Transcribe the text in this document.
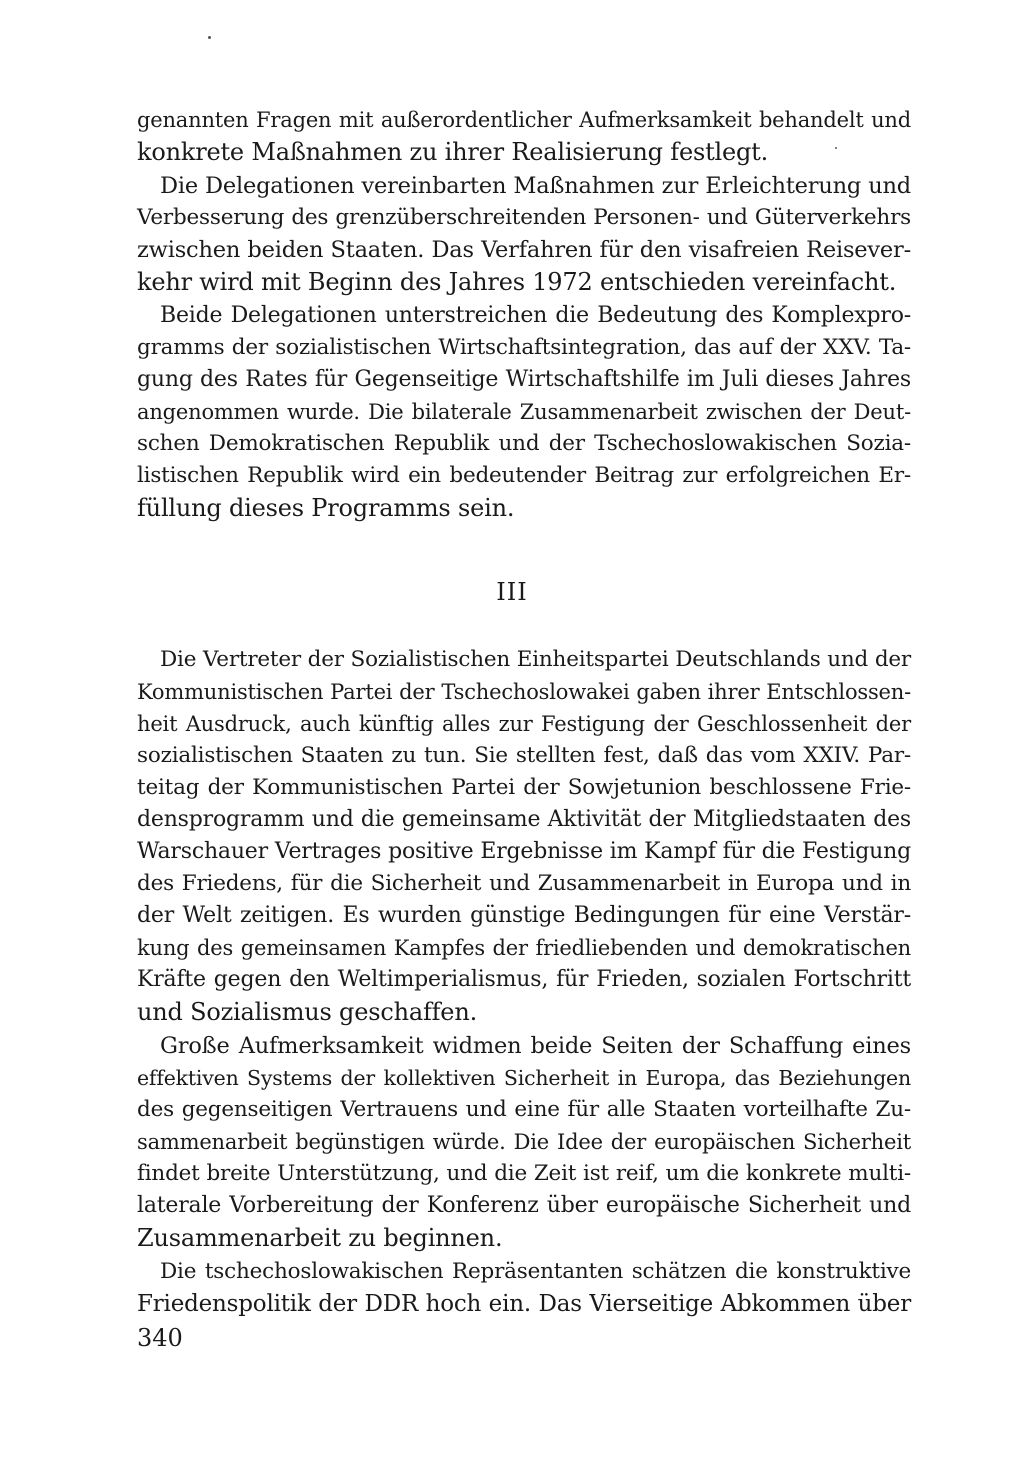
genannten Fragen mit außerordentlicher Aufmerksamkeit behandelt und
konkrete Maßnahmen zu ihrer Realisierung festlegt.
Die Delegationen vereinbarten Maßnahmen zur Erleichterung und
Verbesserung des grenzüberschreitenden Personen- und Güterverkehrs
zwischen beiden Staaten. Das Verfahren für den visafreien Reisever-
kehr wird mit Beginn des Jahres 1972 entschieden vereinfacht.
Beide Delegationen unterstreichen die Bedeutung des Komplexpro-
gramms der sozialistischen Wirtschaftsintegration, das auf der XXV. Ta-
gung des Rates für Gegenseitige Wirtschaftshilfe im Juli dieses Jahres
angenommen wurde. Die bilaterale Zusammenarbeit zwischen der Deut-
schen Demokratischen Republik und der Tschechoslowakischen Sozia-
listischen Republik wird ein bedeutender Beitrag zur erfolgreichen Er-
füllung dieses Programms sein.
III
Die Vertreter der Sozialistischen Einheitspartei Deutschlands und der
Kommunistischen Partei der Tschechoslowakei gaben ihrer Entschlossen-
heit Ausdruck, auch künftig alles zur Festigung der Geschlossenheit der
sozialistischen Staaten zu tun. Sie stellten fest, daß das vom XXIV. Par-
teitag der Kommunistischen Partei der Sowjetunion beschlossene Frie-
densprogramm und die gemeinsame Aktivität der Mitgliedstaaten des
Warschauer Vertrages positive Ergebnisse im Kampf für die Festigung
des Friedens, für die Sicherheit und Zusammenarbeit in Europa und in
der Welt zeitigen. Es wurden günstige Bedingungen für eine Verstär-
kung des gemeinsamen Kampfes der friedliebenden und demokratischen
Kräfte gegen den Weltimperialismus, für Frieden, sozialen Fortschritt
und Sozialismus geschaffen.
Große Aufmerksamkeit widmen beide Seiten der Schaffung eines
effektiven Systems der kollektiven Sicherheit in Europa, das Beziehungen
des gegenseitigen Vertrauens und eine für alle Staaten vorteilhafte Zu-
sammenarbeit begünstigen würde. Die Idee der europäischen Sicherheit
findet breite Unterstützung, und die Zeit ist reif, um die konkrete multi-
laterale Vorbereitung der Konferenz über europäische Sicherheit und
Zusammenarbeit zu beginnen.
Die tschechoslowakischen Repräsentanten schätzen die konstruktive
Friedenspolitik der DDR hoch ein. Das Vierseitige Abkommen über
340
